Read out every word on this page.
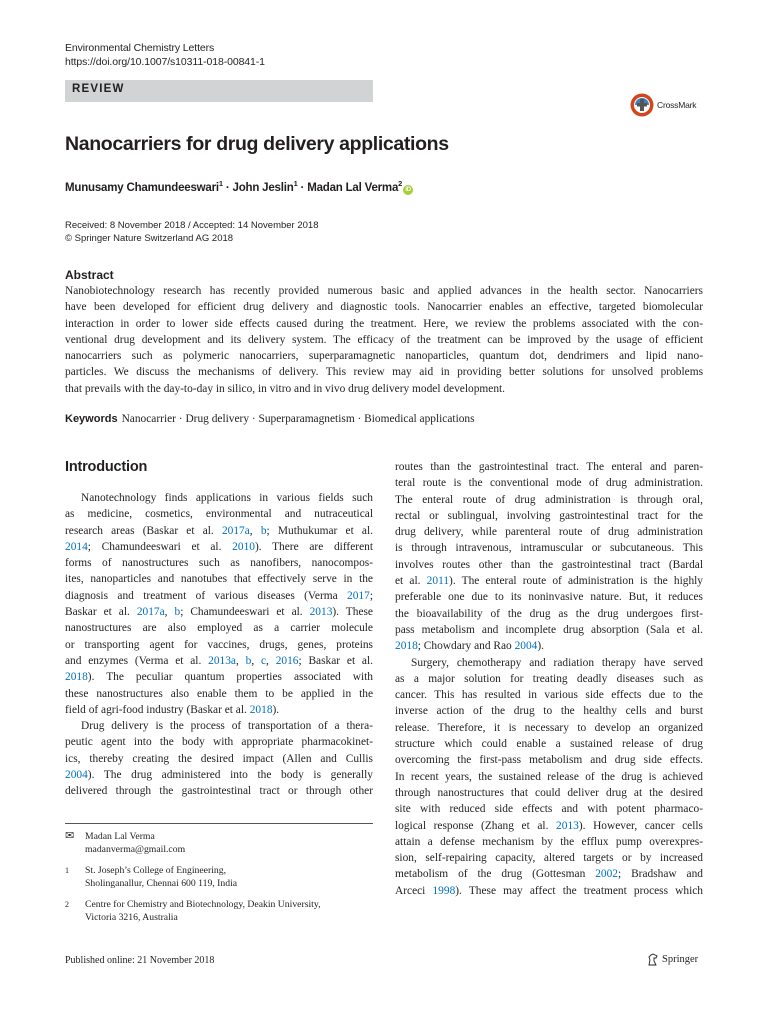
Environmental Chemistry Letters
https://doi.org/10.1007/s10311-018-00841-1
REVIEW
CrossMark
Nanocarriers for drug delivery applications
Munusamy Chamundeeswari$^1$ · John Jeslin$^1$ · Madan Lal Verma$^2$iD
Received: 8 November 2018 / Accepted: 14 November 2018
© Springer Nature Switzerland AG 2018
Abstract
Nanobiotechnology research has recently provided numerous basic and applied advances in the health sector. Nanocarriers
have been developed for efficient drug delivery and diagnostic tools. Nanocarrier enables an effective, targeted biomolecular
interaction in order to lower side effects caused during the treatment. Here, we review the problems associated with the con-
ventional drug development and its delivery system. The efficacy of the treatment can be improved by the usage of efficient
nanocarriers such as polymeric nanocarriers, superparamagnetic nanoparticles, quantum dot, dendrimers and lipid nano-
particles. We discuss the mechanisms of delivery. This review may aid in providing better solutions for unsolved problems
that prevails with the day-to-day in silico, in vitro and in vivo drug delivery model development.
Keywords Nanocarrier · Drug delivery · Superparamagnetism · Biomedical applications
Introduction
Nanotechnology finds applications in various fields such
as medicine, cosmetics, environmental and nutraceutical
research areas (Baskar et al. 2017a, b; Muthukumar et al.
2014; Chamundeeswari et al. 2010). There are different
forms of nanostructures such as nanofibers, nanocompos-
ites, nanoparticles and nanotubes that effectively serve in the
diagnosis and treatment of various diseases (Verma 2017;
Baskar et al. 2017a, b; Chamundeeswari et al. 2013). These
nanostructures are also employed as a carrier molecule
or transporting agent for vaccines, drugs, genes, proteins
and enzymes (Verma et al. 2013a, b, c, 2016; Baskar et al.
2018). The peculiar quantum properties associated with
these nanostructures also enable them to be applied in the
field of agri-food industry (Baskar et al. 2018).
Drug delivery is the process of transportation of a thera-
peutic agent into the body with appropriate pharmacokinet-
ics, thereby creating the desired impact (Allen and Cullis
2004). The drug administered into the body is generally
delivered through the gastrointestinal tract or through other
routes than the gastrointestinal tract. The enteral and paren-
teral route is the conventional mode of drug administration.
The enteral route of drug administration is through oral,
rectal or sublingual, involving gastrointestinal tract for the
drug delivery, while parenteral route of drug administration
is through intravenous, intramuscular or subcutaneous. This
involves routes other than the gastrointestinal tract (Bardal
et al. 2011). The enteral route of administration is the highly
preferable one due to its noninvasive nature. But, it reduces
the bioavailability of the drug as the drug undergoes first-
pass metabolism and incomplete drug absorption (Sala et al.
2018; Chowdary and Rao 2004).
Surgery, chemotherapy and radiation therapy have served
as a major solution for treating deadly diseases such as
cancer. This has resulted in various side effects due to the
inverse action of the drug to the healthy cells and burst
release. Therefore, it is necessary to develop an organized
structure which could enable a sustained release of drug
overcoming the first-pass metabolism and drug side effects.
In recent years, the sustained release of the drug is achieved
through nanostructures that could deliver drug at the desired
site with reduced side effects and with potent pharmaco-
logical response (Zhang et al. 2013). However, cancer cells
attain a defense mechanism by the efflux pump overexpres-
sion, self-repairing capacity, altered targets or by increased
metabolism of the drug (Gottesman 2002; Bradshaw and
Arceci 1998). These may affect the treatment process which
✉	Madan Lal Verma
madanverma@gmail.com
1	St. Joseph’s College of Engineering,
Sholinganallur, Chennai 600 119, India
2	Centre for Chemistry and Biotechnology, Deakin University,
Victoria 3216, Australia
Published online: 21 November 2018	Springer
